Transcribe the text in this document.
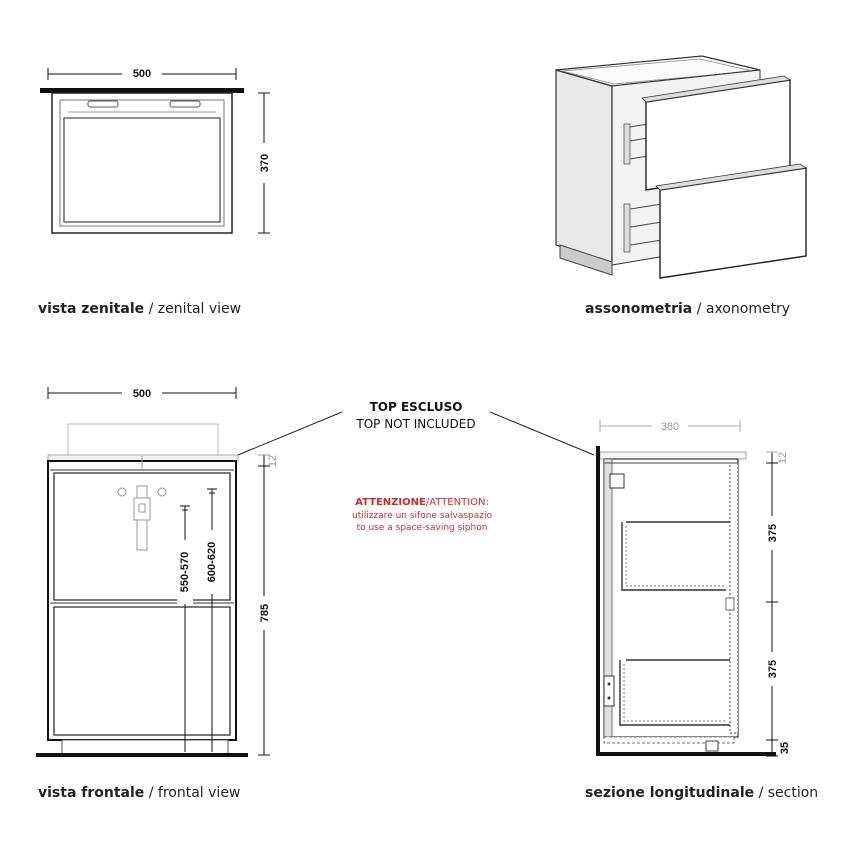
500
370
500
550-570 600-620
12
785
TOP ESCLUSO
TOP NOT INCLUDED
ATTENZIONE/ATTENTION:
utilizzare un sifone salvaspazio
to use a space-saving siphon
380
12
375
375
35
vista zenitale / zenital view	assonometria / axonometry
vista frontale / frontal view	sezione longitudinale / section
